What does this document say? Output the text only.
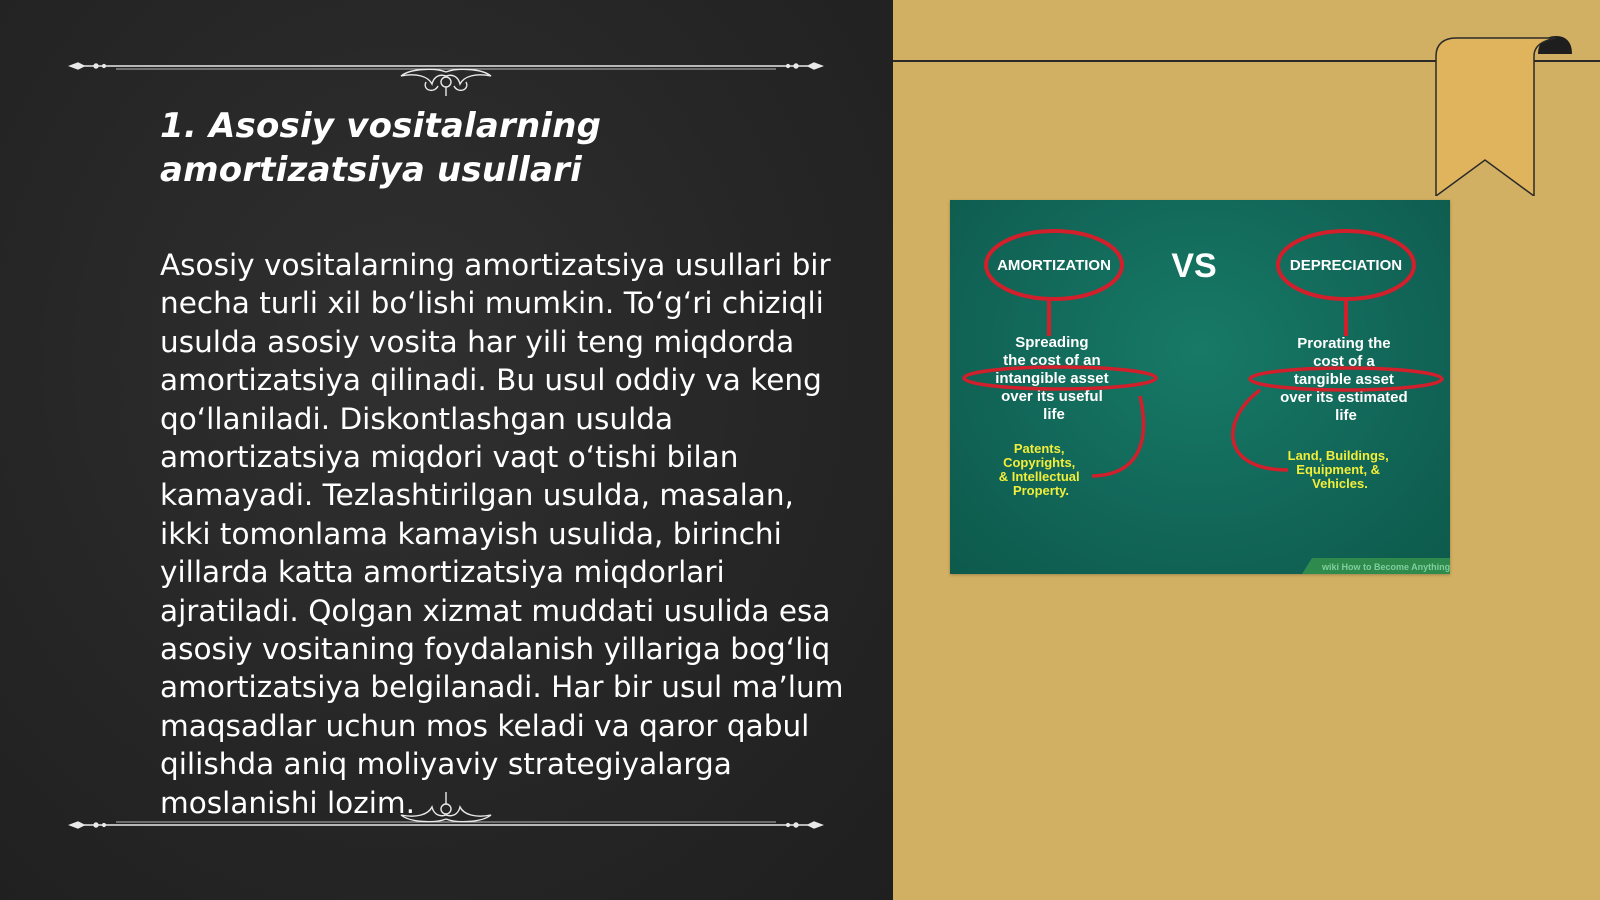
1. Asosiy vositalarning amortizatsiya usullari

Asosiy vositalarning amortizatsiya usullari bir necha turli xil bo‘lishi mumkin. To‘g‘ri chiziqli usulda asosiy vosita har yili teng miqdorda amortizatsiya qilinadi. Bu usul oddiy va keng qo‘llaniladi. Diskontlashgan usulda amortizatsiya miqdori vaqt o‘tishi bilan kamayadi. Tezlashtirilgan usulda, masalan, ikki tomonlama kamayish usulida, birinchi yillarda katta amortizatsiya miqdorlari ajratiladi. Qolgan xizmat muddati usulida esa asosiy vositaning foydalanish yillariga bog‘liq amortizatsiya belgilanadi. Har bir usul ma’lum maqsadlar uchun mos keladi va qaror qabul qilishda aniq moliyaviy strategiyalarga moslanishi lozim.

AMORTIZATION VS	DEPRECIATION
Spreading the cost of an intangible asset over its useful life
Patents, Copyrights, & Intellectual Property.
Prorating the cost of a tangible asset over its estimated life
Land, Buildings, Equipment, & Vehicles.
wiki How to Become Anything
